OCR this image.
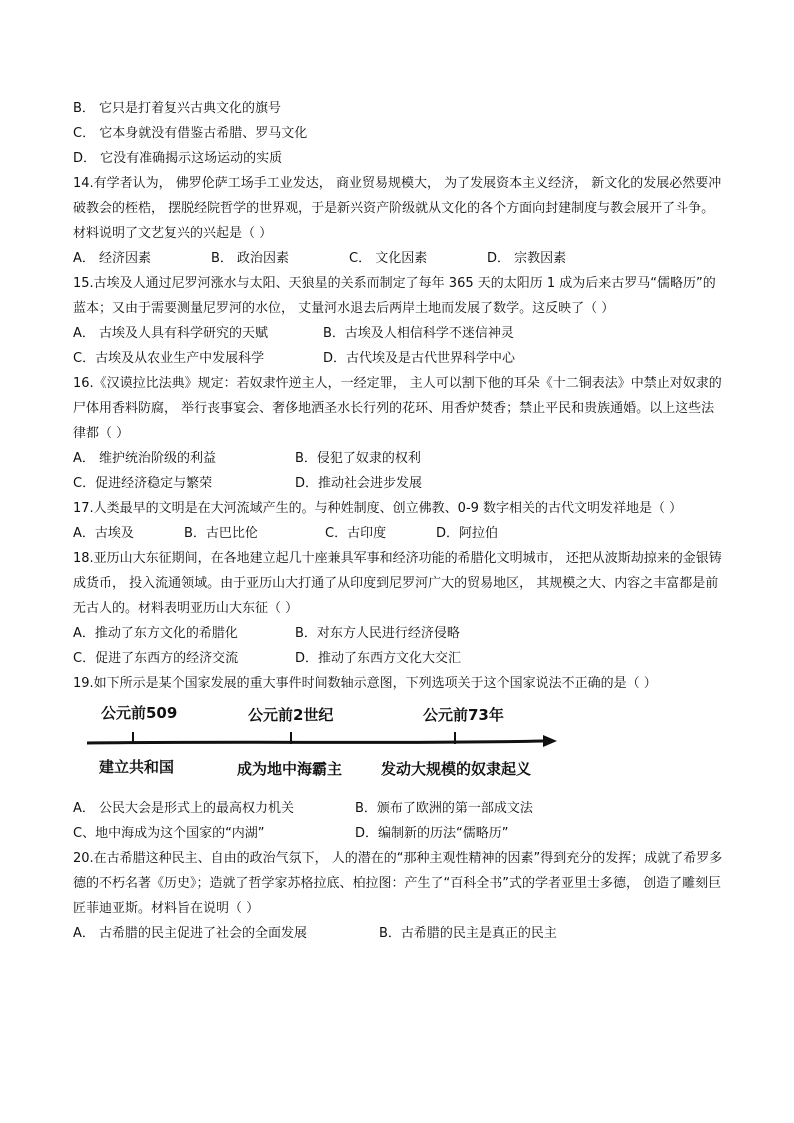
B． 它只是打着复兴古典文化的旗号
C． 它本身就没有借鉴古希腊、罗马文化
D． 它没有准确揭示这场运动的实质
14.有学者认为， 佛罗伦萨工场手工业发达， 商业贸易规模大， 为了发展资本主义经济， 新文化的发展必然要冲破教会的桎梏， 摆脱经院哲学的世界观，于是新兴资产阶级就从文化的各个方面向封建制度与教会展开了斗争。材料说明了文艺复兴的兴起是（ ）
A． 经济因素	B． 政治因素	C． 文化因素	D． 宗教因素
15.古埃及人通过尼罗河涨水与太阳、天狼星的关系而制定了每年 365 天的太阳历 1 成为后来古罗马“儒略历”的蓝本；又由于需要测量尼罗河的水位， 丈量河水退去后两岸土地而发展了数学。这反映了（ ）
A． 古埃及人具有科学研究的天赋	B．古埃及人相信科学不迷信神灵
C．古埃及从农业生产中发展科学	D．古代埃及是古代世界科学中心
16.《汉谟拉比法典》规定：若奴隶忤逆主人，一经定罪， 主人可以割下他的耳朵《十二铜表法》中禁止对奴隶的尸体用香料防腐， 举行丧事宴会、奢侈地洒圣水长行列的花环、用香炉焚香；禁止平民和贵族通婚。以上这些法律都（ ）
A． 维护统治阶级的利益	B．侵犯了奴隶的权利
C．促进经济稳定与繁荣	D．推动社会进步发展
17.人类最早的文明是在大河流域产生的。与种姓制度、创立佛教、0-9 数字相关的古代文明发祥地是（ ）
A．古埃及	B．古巴比伦	C．古印度	D．阿拉伯
18.亚历山大东征期间，在各地建立起几十座兼具军事和经济功能的希腊化文明城市， 还把从波斯劫掠来的金银铸成货币， 投入流通领域。由于亚历山大打通了从印度到尼罗河广大的贸易地区， 其规模之大、内容之丰富都是前无古人的。材料表明亚历山大东征（ ）
A．推动了东方文化的希腊化	B．对东方人民进行经济侵略
C．促进了东西方的经济交流	D．推动了东西方文化大交汇
19.如下所示是某个国家发展的重大事件时间数轴示意图，下列选项关于这个国家说法不正确的是（ ）
公元前509	公元前2世纪	公元前73年
建立共和国	成为地中海霸主	发动大规模的奴隶起义
A． 公民大会是形式上的最高权力机关	B．颁布了欧洲的第一部成文法
C、地中海成为这个国家的“内湖”	D．编制新的历法“儒略历”
20.在古希腊这种民主、自由的政治气氛下， 人的潜在的“那种主观性精神的因素”得到充分的发挥；成就了希罗多德的不朽名著《历史》；造就了哲学家苏格拉底、柏拉图：产生了“百科全书”式的学者亚里士多德， 创造了雕刻巨匠菲迪亚斯。材料旨在说明（ ）
A． 古希腊的民主促进了社会的全面发展	B．古希腊的民主是真正的民主
